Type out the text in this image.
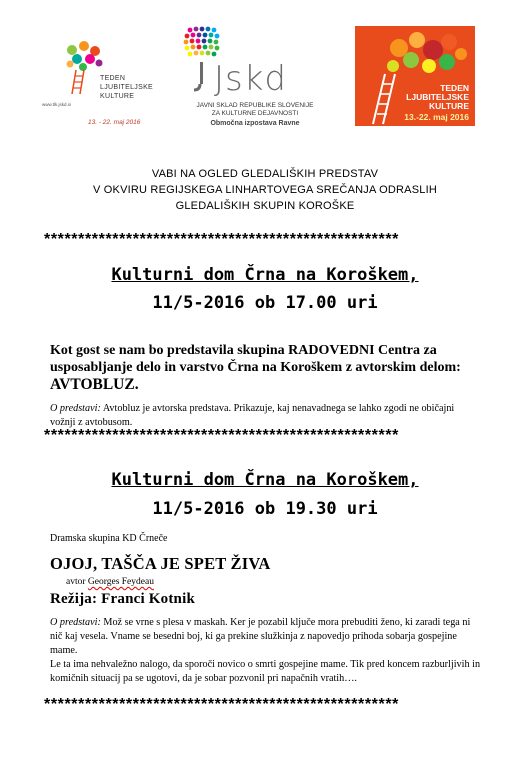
TEDEN
LJUBITELJSKE
KULTURE
www.tlk.jskd.si
13. - 22. maj 2016
Jskd
JAVNI SKLAD REPUBLIKE SLOVENIJE
ZA KULTURNE DEJAVNOSTI
Območna izpostava Ravne
TEDEN
LJUBITELJSKE
KULTURE
13.-22. maj 2016
VABI NA OGLED GLEDALIŠKIH PREDSTAV
V OKVIRU REGIJSKEGA LINHARTOVEGA SREČANJA ODRASLIH
GLEDALIŠKIH SKUPIN KOROŠKE
****************************************************
Kulturni dom Črna na Koroškem,
11/5-2016 ob 17.00 uri
Kot gost se nam bo predstavila skupina RADOVEDNI Centra za usposabljanje delo in varstvo Črna na Koroškem z avtorskim delom: AVTOBLUZ.
O predstavi: Avtobluz je avtorska predstava. Prikazuje, kaj nenavadnega se lahko zgodi ne običajni vožnji z avtobusom.
****************************************************
Kulturni dom Črna na Koroškem,
11/5-2016 ob 19.30 uri
Dramska skupina KD Črneče
OJOJ, TAŠČA JE SPET ŽIVA
avtor Georges Feydeau
Režija: Franci Kotnik
O predstavi: Mož se vrne s plesa v maskah. Ker je pozabil ključe mora prebuditi ženo, ki zaradi tega ni nič kaj vesela. Vname se besedni boj, ki ga prekine služkinja z napovedjo prihoda sobarja gospejine mame.
Le ta ima nehvaležno nalogo, da sporoči novico o smrti gospejine mame. Tik pred koncem razburljivih in komičnih situacij pa se ugotovi, da je sobar pozvonil pri napačnih vratih….
****************************************************
